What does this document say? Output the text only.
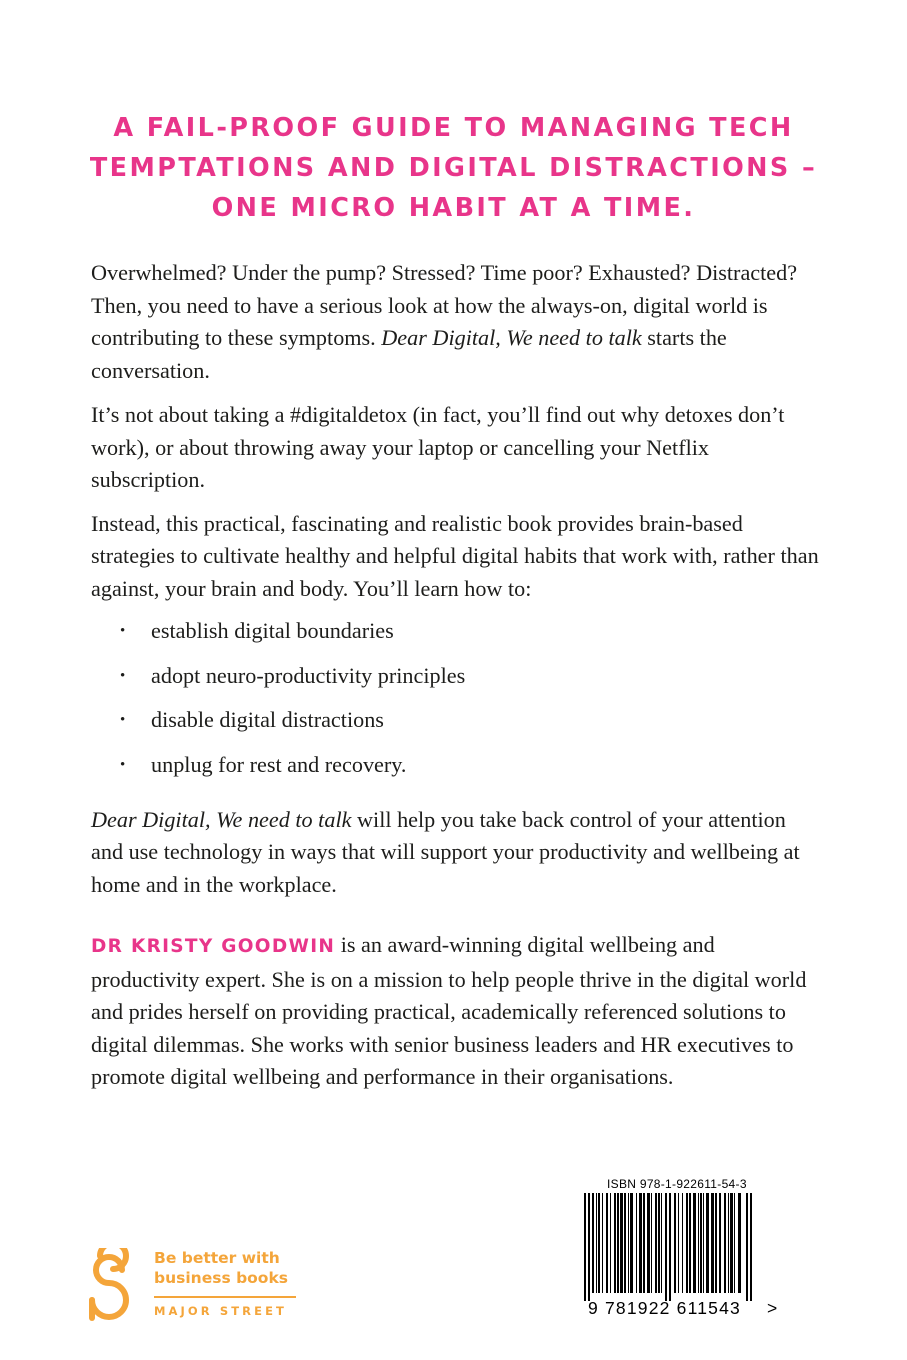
A FAIL-PROOF GUIDE TO MANAGING TECH
TEMPTATIONS AND DIGITAL DISTRACTIONS –
ONE MICRO HABIT AT A TIME.

Overwhelmed? Under the pump? Stressed? Time poor? Exhausted? Distracted? Then, you need to have a serious look at how the always-on, digital world is contributing to these symptoms. Dear Digital, We need to talk starts the conversation.

It’s not about taking a #digitaldetox (in fact, you’ll find out why detoxes don’t work), or about throwing away your laptop or cancelling your Netflix subscription.

Instead, this practical, fascinating and realistic book provides brain-based strategies to cultivate healthy and helpful digital habits that work with, rather than against, your brain and body. You’ll learn how to:

• establish digital boundaries
• adopt neuro-productivity principles
• disable digital distractions
• unplug for rest and recovery.

Dear Digital, We need to talk will help you take back control of your attention and use technology in ways that will support your productivity and wellbeing at home and in the workplace.

DR KRISTY GOODWIN is an award-winning digital wellbeing and productivity expert. She is on a mission to help people thrive in the digital world and prides herself on providing practical, academically referenced solutions to digital dilemmas. She works with senior business leaders and HR executives to promote digital wellbeing and performance in their organisations.

ISBN 978-1-922611-54-3
9 781922 611543 >
Be better with
business books
MAJOR STREET
